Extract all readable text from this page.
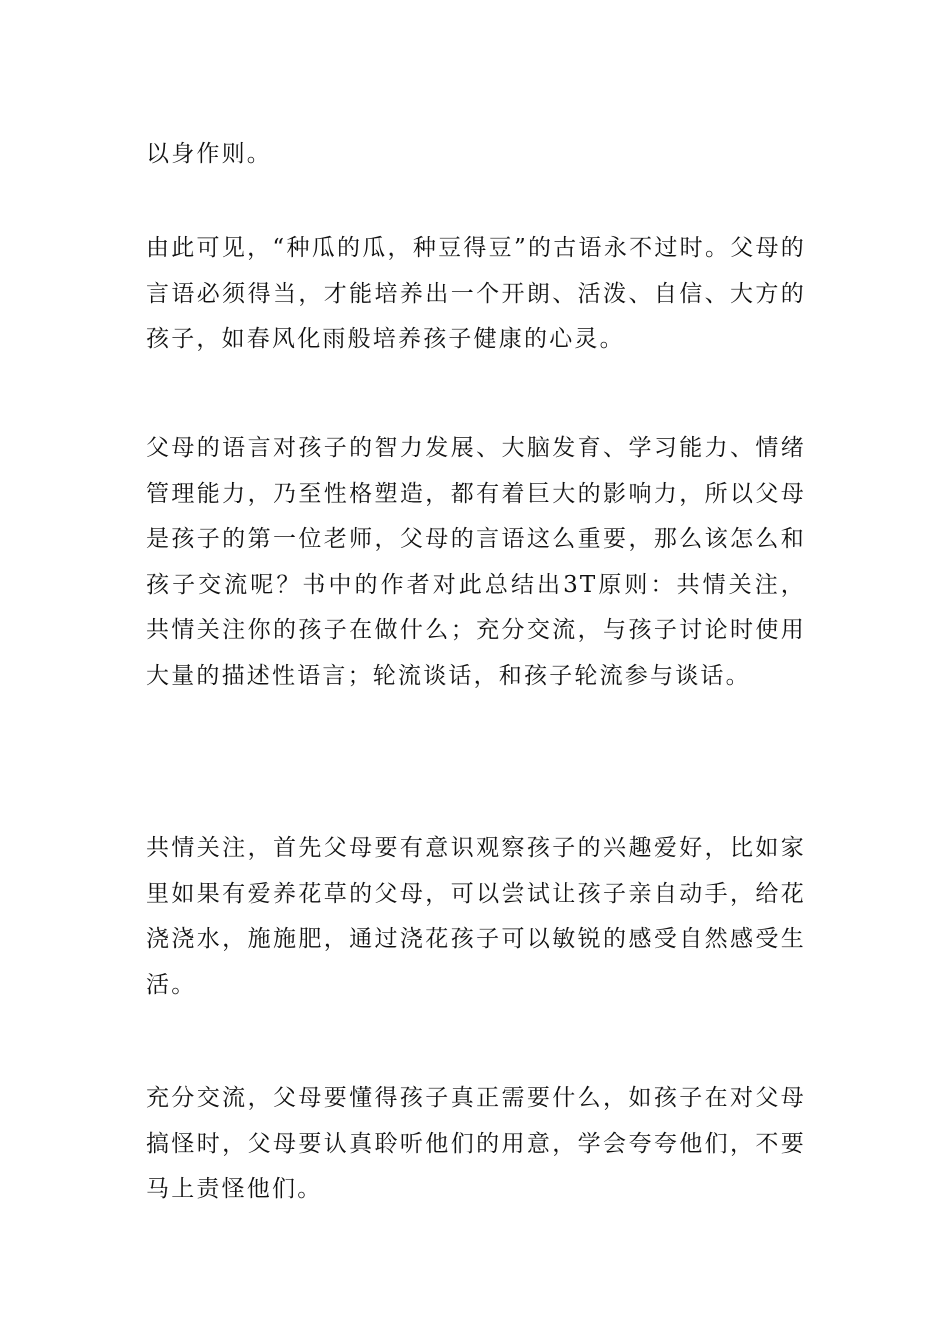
以身作则。

由此可见，“种瓜的瓜，种豆得豆”的古语永不过时。父母的言语必须得当，才能培养出一个开朗、活泼、自信、大方的孩子，如春风化雨般培养孩子健康的心灵。

父母的语言对孩子的智力发展、大脑发育、学习能力、情绪管理能力，乃至性格塑造，都有着巨大的影响力，所以父母是孩子的第一位老师，父母的言语这么重要，那么该怎么和孩子交流呢？书中的作者对此总结出3T原则：共情关注，共情关注你的孩子在做什么；充分交流，与孩子讨论时使用大量的描述性语言；轮流谈话，和孩子轮流参与谈话。

共情关注，首先父母要有意识观察孩子的兴趣爱好，比如家里如果有爱养花草的父母，可以尝试让孩子亲自动手，给花浇浇水，施施肥，通过浇花孩子可以敏锐的感受自然感受生活。

充分交流，父母要懂得孩子真正需要什么，如孩子在对父母搞怪时，父母要认真聆听他们的用意，学会夸夸他们，不要马上责怪他们。
